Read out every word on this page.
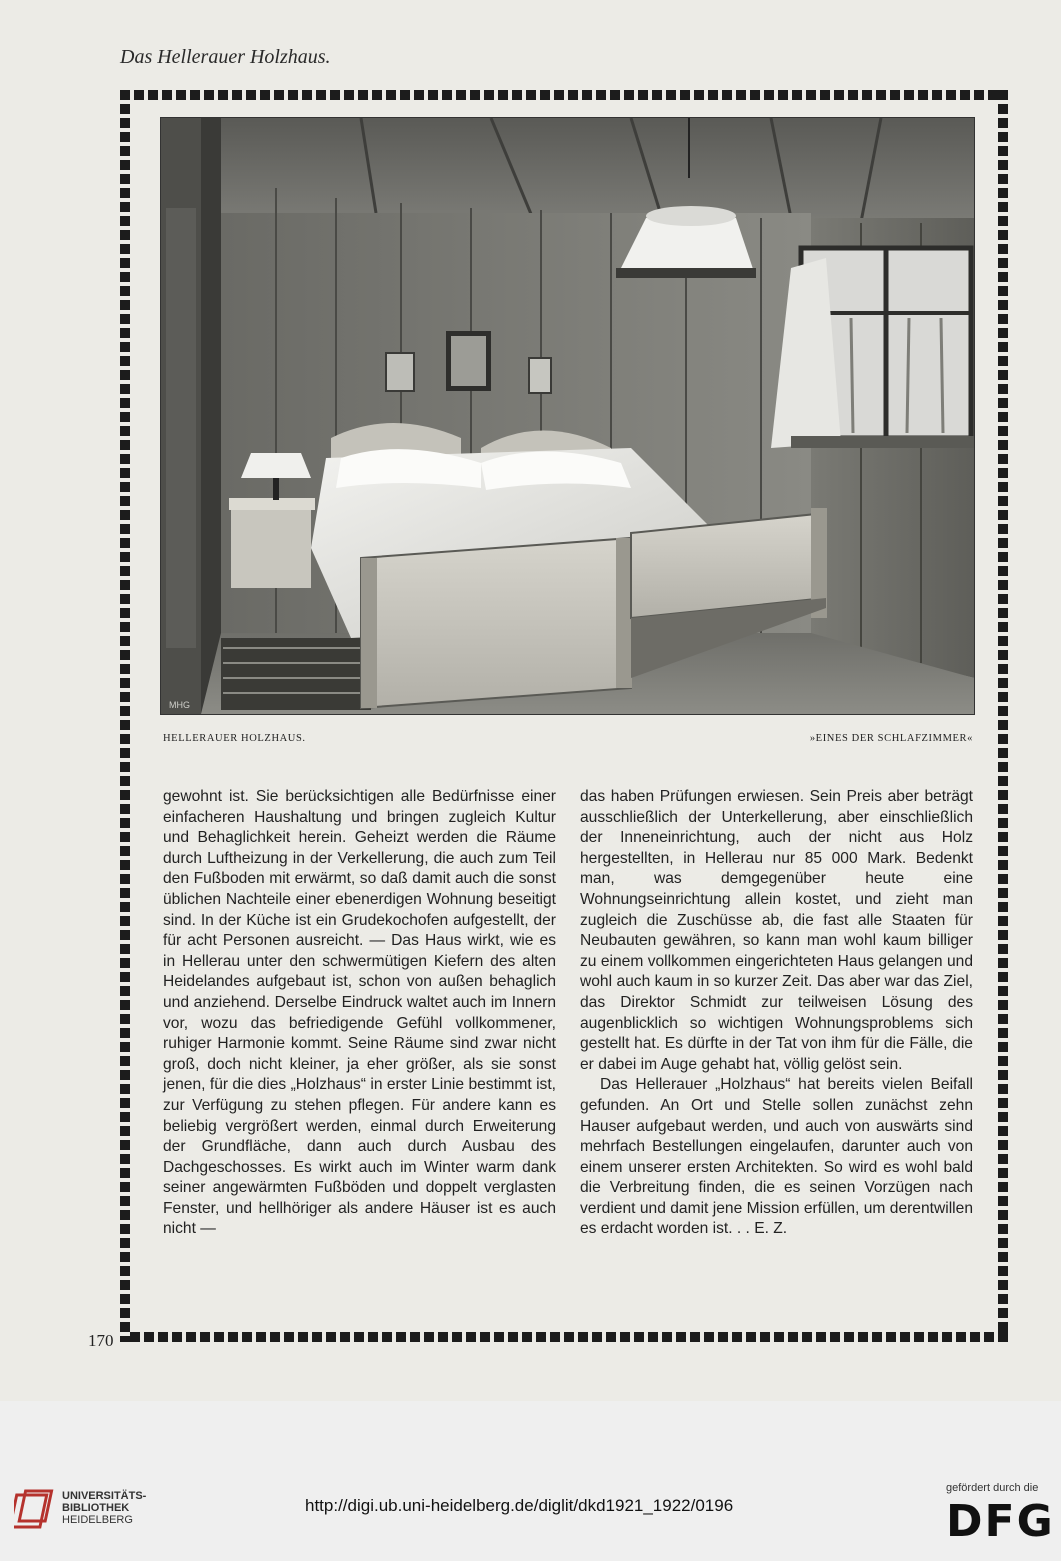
Das Hellerauer Holzhaus.
MHG
HELLERAUER HOLZHAUS.	»EINES DER SCHLAFZIMMER«

gewohnt ist. Sie berücksichtigen alle Bedürfnisse einer einfacheren Haushaltung und bringen zugleich Kultur und Behaglichkeit herein. Geheizt werden die Räume durch Luftheizung in der Verkellerung, die auch zum Teil den Fußboden mit erwärmt, so daß damit auch die sonst üblichen Nachteile einer ebenerdigen Wohnung beseitigt sind. In der Küche ist ein Grudekochofen aufgestellt, der für acht Personen ausreicht. — Das Haus wirkt, wie es in Hellerau unter den schwermütigen Kiefern des alten Heidelandes aufgebaut ist, schon von außen behaglich und anziehend. Derselbe Eindruck waltet auch im Innern vor, wozu das befriedigende Gefühl vollkommener, ruhiger Harmonie kommt. Seine Räume sind zwar nicht groß, doch nicht kleiner, ja eher größer, als sie sonst jenen, für die dies „Holzhaus“ in erster Linie bestimmt ist, zur Verfügung zu stehen pflegen. Für andere kann es beliebig vergrößert werden, einmal durch Erweiterung der Grundfläche, dann auch durch Ausbau des Dachgeschosses. Es wirkt auch im Winter warm dank seiner angewärmten Fußböden und doppelt verglasten Fenster, und hellhöriger als andere Häuser ist es auch nicht —

das haben Prüfungen erwiesen. Sein Preis aber beträgt ausschließlich der Unterkellerung, aber einschließlich der Inneneinrichtung, auch der nicht aus Holz hergestellten, in Hellerau nur 85 000 Mark. Bedenkt man, was demgegenüber heute eine Wohnungseinrichtung allein kostet, und zieht man zugleich die Zuschüsse ab, die fast alle Staaten für Neubauten gewähren, so kann man wohl kaum billiger zu einem vollkommen eingerichteten Haus gelangen und wohl auch kaum in so kurzer Zeit. Das aber war das Ziel, das Direktor Schmidt zur teilweisen Lösung des augenblicklich so wichtigen Wohnungsproblems sich gestellt hat. Es dürfte in der Tat von ihm für die Fälle, die er dabei im Auge gehabt hat, völlig gelöst sein.

Das Hellerauer „Holzhaus“ hat bereits vielen Beifall gefunden. An Ort und Stelle sollen zunächst zehn Hauser aufgebaut werden, und auch von auswärts sind mehrfach Bestellungen eingelaufen, darunter auch von einem unserer ersten Architekten. So wird es wohl bald die Verbreitung finden, die es seinen Vorzügen nach verdient und damit jene Mission erfüllen, um derentwillen es erdacht worden ist. . . E. Z.

170
UNIVERSITÄTS-
BIBLIOTHEK
HEIDELBERG
http://digi.ub.uni-heidelberg.de/diglit/dkd1921_1922/0196
gefördert durch die
DFG
